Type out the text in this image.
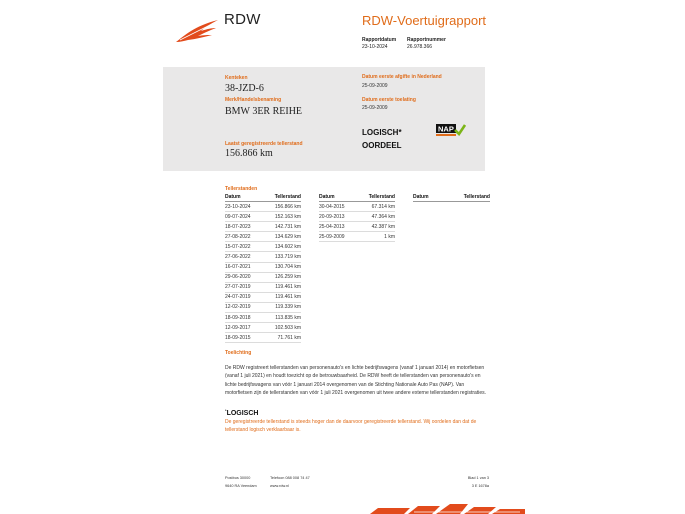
RDW	RDW-Voertuigrapport
Rapportdatum
23-10-2024
Rapportnummer
26.978.366
Kenteken
38-JZD-6
Merk/Handelsbenaming
BMW 3ER REIHE
Laatst geregistreerde tellerstand
156.866 km
Datum eerste afgifte in Nederland
25-09-2009
Datum eerste toelating
25-09-2009
LOGISCH*
OORDEEL
NAP
Tellerstanden
Datum	Tellerstand
23-10-2024	156.866 km
09-07-2024	152.163 km
18-07-2023	142.731 km
27-08-2022	134.629 km
15-07-2022	134.602 km
27-06-2022	133.719 km
16-07-2021	130.704 km
29-06-2020	126.259 km
27-07-2019	119.461 km
24-07-2019	119.461 km
12-02-2019	119.339 km
18-09-2018	113.835 km
12-09-2017	102.503 km
18-09-2015	71.761 km
Datum	Tellerstand
30-04-2015	67.314 km
20-09-2013	47.364 km
25-04-2013	42.387 km
25-09-2009	1 km
Datum	Tellerstand
Toelichting
De RDW registreert tellerstanden van personenauto's en lichte bedrijfswagens (vanaf 1 januari 2014) en motorfietsen (vanaf 1 juli 2021) en houdt toezicht op de betrouwbaarheid. De RDW heeft de tellerstanden van personenauto's en lichte bedrijfswagens van vóór 1 januari 2014 overgenomen van de Stichting Nationale Auto Pas (NAP). Van motorfietsen zijn de tellerstanden van vóór 1 juli 2021 overgenomen uit twee andere externe tellerstanden registraties.
*LOGISCH
De geregistreerde tellerstand is steeds hoger dan de daarvoor geregistreerde tellerstand. Wij oordelen dan dat de tellerstand logisch verklaarbaar is.
Postbus 30000
9640 RA Veendam
Telefoon 088 008 74 47
www.rdw.nl
Blad 1 van 3
3 E 1678a
